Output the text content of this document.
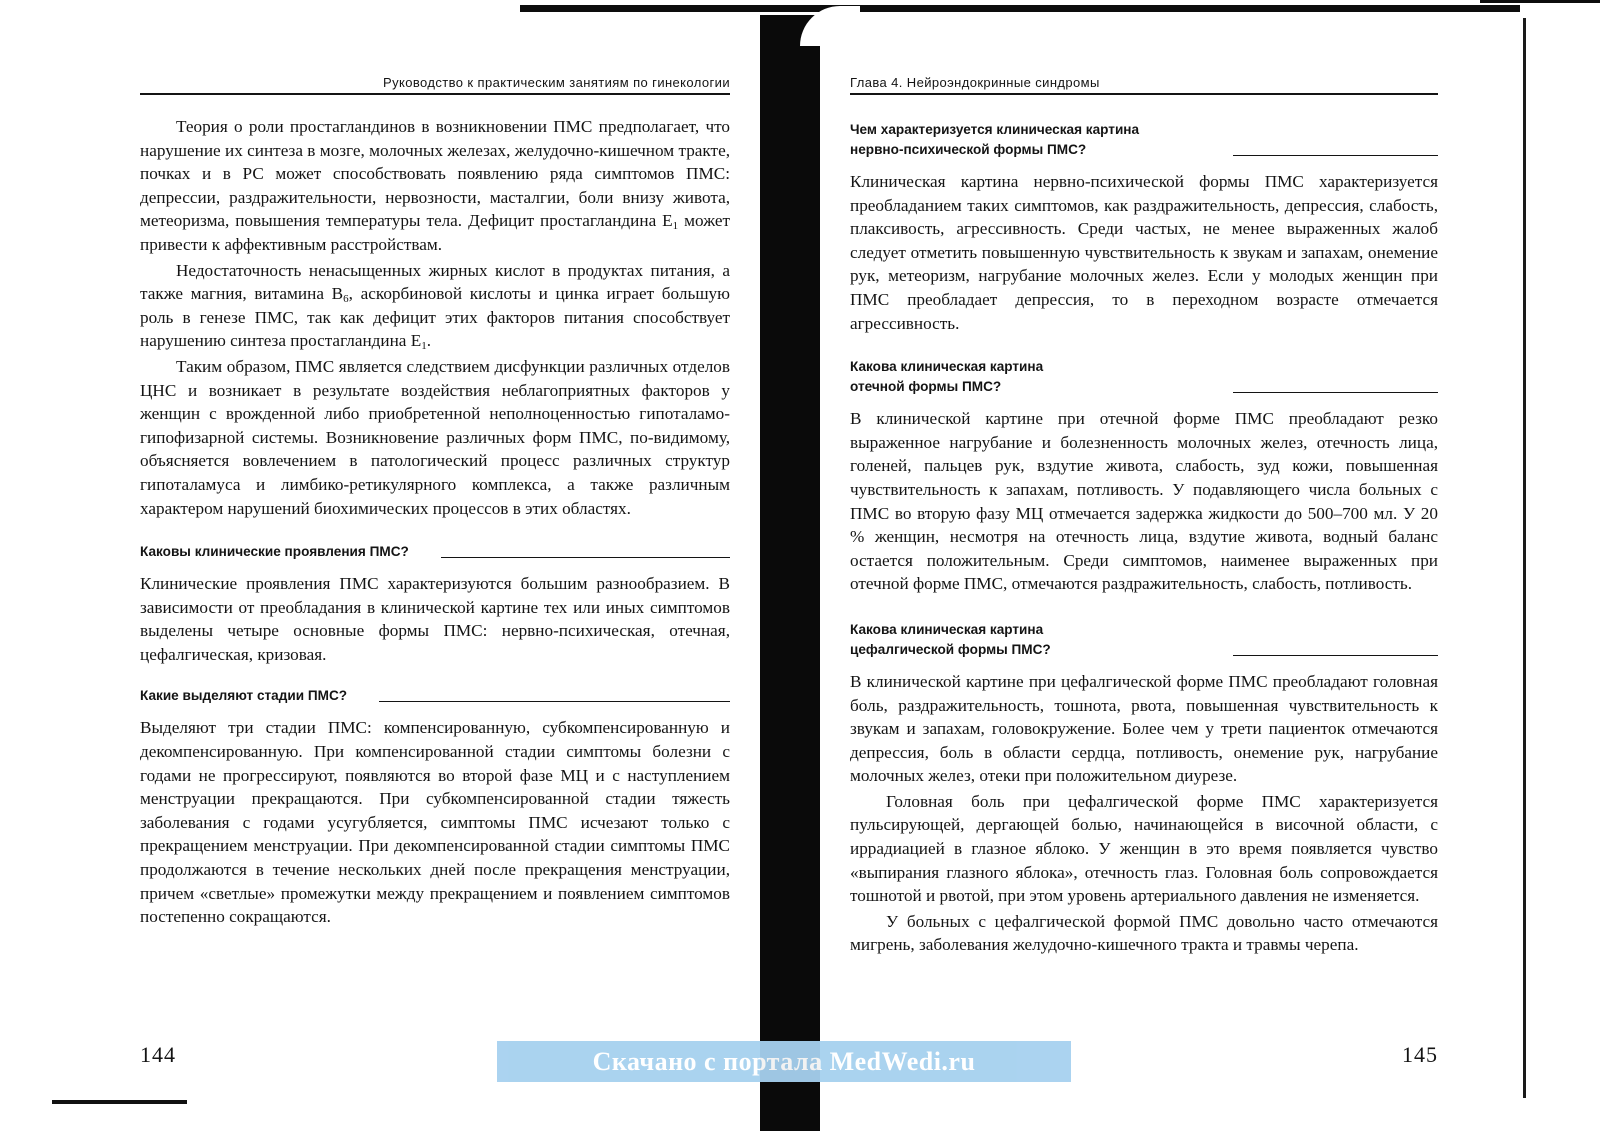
Руководство к практическим занятиям по гинекологии

Теория о роли простагландинов в возникновении ПМС предполагает, что нарушение их синтеза в мозге, молочных железах, желудочно-кишечном тракте, почках и в РС может способствовать появлению ряда симптомов ПМС: депрессии, раздражительности, нервозности, масталгии, боли внизу живота, метеоризма, повышения температуры тела. Дефицит простагландина $Е_1$ может привести к аффективным расстройствам.

Недостаточность ненасыщенных жирных кислот в продуктах питания, а также магния, витамина $В_6$, аскорбиновой кислоты и цинка играет большую роль в генезе ПМС, так как дефицит этих факторов питания способствует нарушению синтеза простагландина $Е_1$.

Таким образом, ПМС является следствием дисфункции различных отделов ЦНС и возникает в результате воздействия неблагоприятных факторов у женщин с врожденной либо приобретенной неполноценностью гипоталамо-гипофизарной системы. Возникновение различных форм ПМС, по-видимому, объясняется вовлечением в патологический процесс различных структур гипоталамуса и лимбико-ретикулярного комплекса, а также различным характером нарушений биохимических процессов в этих областях.

Каковы клинические проявления ПМС?

Клинические проявления ПМС характеризуются большим разнообразием. В зависимости от преобладания в клинической картине тех или иных симптомов выделены четыре основные формы ПМС: нервно-психическая, отечная, цефалгическая, кризовая.

Какие выделяют стадии ПМС?

Выделяют три стадии ПМС: компенсированную, субкомпенсированную и декомпенсированную. При компенсированной стадии симптомы болезни с годами не прогрессируют, появляются во второй фазе МЦ и с наступлением менструации прекращаются. При субкомпенсированной стадии тяжесть заболевания с годами усугубляется, симптомы ПМС исчезают только с прекращением менструации. При декомпенсированной стадии симптомы ПМС продолжаются в течение нескольких дней после прекращения менструации, причем «светлые» промежутки между прекращением и появлением симптомов постепенно сокращаются.

144
Глава 4. Нейроэндокринные синдромы
Чем характеризуется клиническая картина
нервно-психической формы ПМС?

Клиническая картина нервно-психической формы ПМС характеризуется преобладанием таких симптомов, как раздражительность, депрессия, слабость, плаксивость, агрессивность. Среди частых, не менее выраженных жалоб следует отметить повышенную чувствительность к звукам и запахам, онемение рук, метеоризм, нагрубание молочных желез. Если у молодых женщин при ПМС преобладает депрессия, то в переходном возрасте отмечается агрессивность.

Какова клиническая картина
отечной формы ПМС?

В клинической картине при отечной форме ПМС преобладают резко выраженное нагрубание и болезненность молочных желез, отечность лица, голеней, пальцев рук, вздутие живота, слабость, зуд кожи, повышенная чувствительность к запахам, потливость. У подавляющего числа больных с ПМС во вторую фазу МЦ отмечается задержка жидкости до 500–700 мл. У 20 % женщин, несмотря на отечность лица, вздутие живота, водный баланс остается положительным. Среди симптомов, наименее выраженных при отечной форме ПМС, отмечаются раздражительность, слабость, потливость.

Какова клиническая картина
цефалгической формы ПМС?

В клинической картине при цефалгической форме ПМС преобладают головная боль, раздражительность, тошнота, рвота, повышенная чувствительность к звукам и запахам, головокружение. Более чем у трети пациенток отмечаются депрессия, боль в области сердца, потливость, онемение рук, нагрубание молочных желез, отеки при положительном диурезе.

Головная боль при цефалгической форме ПМС характеризуется пульсирующей, дергающей болью, начинающейся в височной области, с иррадиацией в глазное яблоко. У женщин в это время появляется чувство «выпирания глазного яблока», отечность глаз. Головная боль сопровождается тошнотой и рвотой, при этом уровень артериального давления не изменяется.

У больных с цефалгической формой ПМС довольно часто отмечаются мигрень, заболевания желудочно-кишечного тракта и травмы черепа.

145
Скачано с портала MedWedi.ru
